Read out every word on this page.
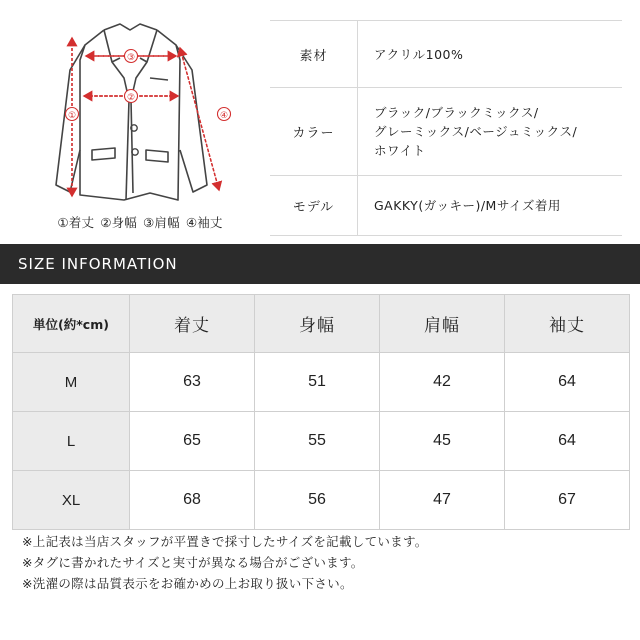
①
②
③
④
①着丈 ②身幅 ③肩幅 ④袖丈
素材	アクリル100%
カラー
ブラック/ブラックミックス/
グレーミックス/ベージュミックス/
ホワイト
モデル	GAKKY(ガッキー)/Mサイズ着用
SIZE INFORMATION
単位(約*cm)	着丈	身幅	肩幅	袖丈
M	63	51	42	64
L	65	55	45	64
XL	68	56	47	67
※上記表は当店スタッフが平置きで採寸したサイズを記載しています。
※タグに書かれたサイズと実寸が異なる場合がございます。
※洗濯の際は品質表示をお確かめの上お取り扱い下さい。
